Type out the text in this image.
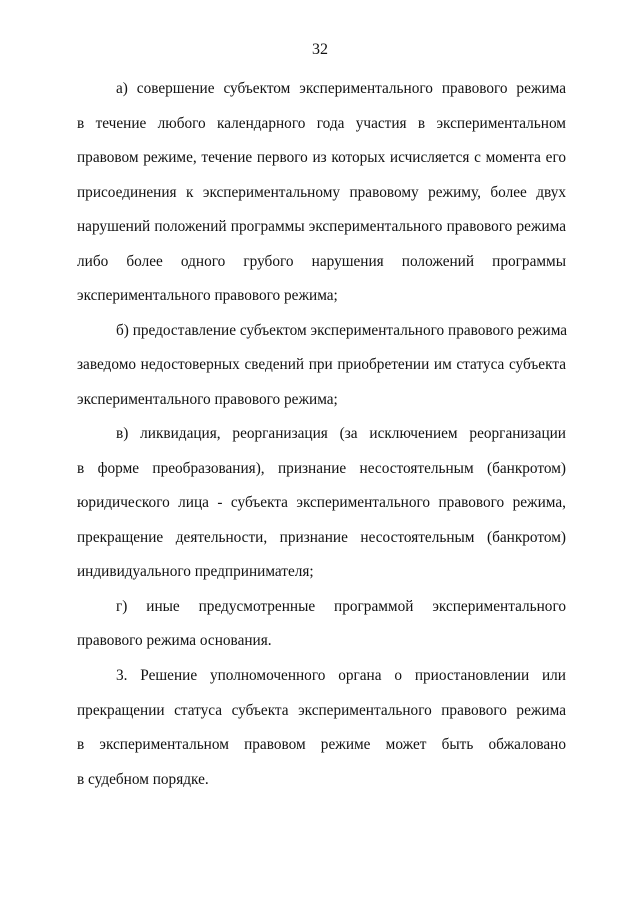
32
а) совершение субъектом экспериментального правового режима
в течение любого календарного года участия в экспериментальном
правовом режиме, течение первого из которых исчисляется с момента его
присоединения к экспериментальному правовому режиму, более двух
нарушений положений программы экспериментального правового режима
либо более одного грубого нарушения положений программы
экспериментального правового режима;
б) предоставление субъектом экспериментального правового режима
заведомо недостоверных сведений при приобретении им статуса субъекта
экспериментального правового режима;
в) ликвидация, реорганизация (за исключением реорганизации
в форме преобразования), признание несостоятельным (банкротом)
юридического лица - субъекта экспериментального правового режима,
прекращение деятельности, признание несостоятельным (банкротом)
индивидуального предпринимателя;
г) иные предусмотренные программой экспериментального
правового режима основания.
3. Решение уполномоченного органа о приостановлении или
прекращении статуса субъекта экспериментального правового режима
в экспериментальном правовом режиме может быть обжаловано
в судебном порядке.
